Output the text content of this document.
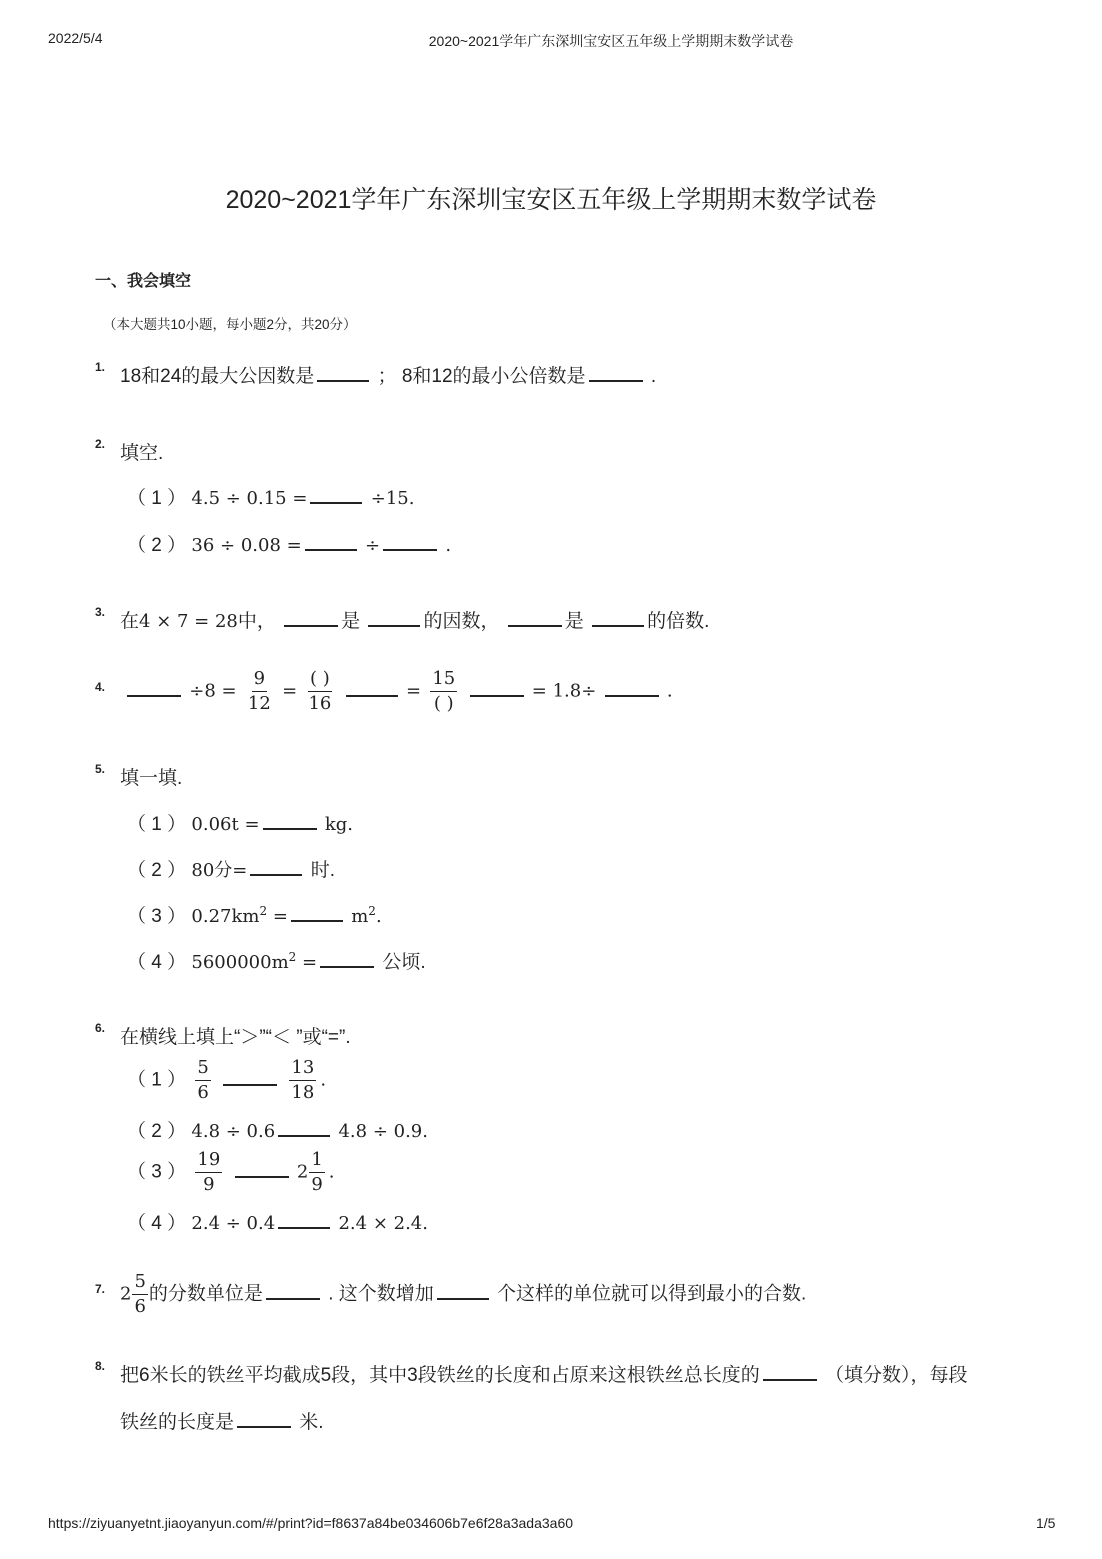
2022/5/4	2020~2021学年广东深圳宝安区五年级上学期期末数学试卷
2020~2021学年广东深圳宝安区五年级上学期期末数学试卷
一、我会填空
（本大题共10小题，每小题2分，共20分）
1. 18和24的最大公因数是	； 8和12的最小公倍数是	.
2. 填空.
（ 1 ） 4.5 ÷ 0.15 =	÷15.
（ 2 ） 36 ÷ 0.08 =	÷	.
3. 在4 × 7 = 28中，	是	的因数，	是	的倍数.
4.	$\div 8 = \frac{9}{12} = \frac{( )}{16}$	= $\frac{15}{( )}$	= 1.8÷	.
5. 填一填.
（ 1 ） 0.06t =	kg.
（ 2 ） 80分=	时.
（ 3 ） $0.27km^2$ =	$m^2$.
（ 4 ） $5600000m^2$ =	公顷.
6. 在横线上填上“＞”“＜ ”或“=”.
（ 1 ） $\frac{5}{6}$
	$\frac{13}{18}$ .
（ 2 ） 4.8 ÷ 0.6	4.8 ÷ 0.9.
（ 3 ） $\frac{19}{9}$	$2 \frac{1}{9}$ .
（ 4 ） 2.4 ÷ 0.4	2.4 × 2.4.
7. $2 \frac{5}{6}$ 的分数单位是	. 这个数增加	个这样的单位就可以得到最小的合数.
8. 把6米长的铁丝平均截成5段，其中3段铁丝的长度和占原来这根铁丝总长度的	（填分数），每段
铁丝的长度是	米.
https://ziyuanyetnt.jiaoyanyun.com/#/print?id=f8637a84be034606b7e6f28a3ada3a60	1/5
